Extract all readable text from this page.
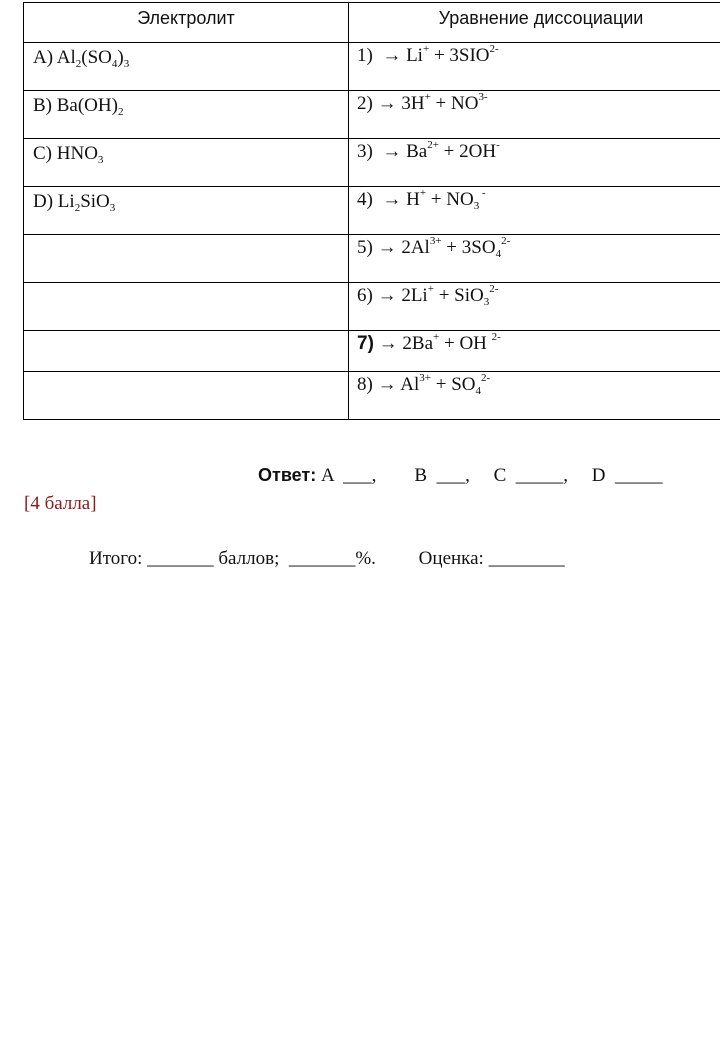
Электролит	Уравнение диссоциации

A) $Al_2(SO_4)_3$	$1) \to Li^+ + 3SIO^{2-}$

B) $Ba(OH)_2$	$2) \to 3H^+ + NO^{3-}$

C) $HNO_3$	$3) \to Ba^{2+} + 2OH^-$

D) $Li_2SiO_3$	$4) \to H^+ + NO_3$ -

	$5) \to 2Al^{3+} + 3SO_4^{2-}$

	6) → 2Li+ + SiO$_3^{2-}$

	7) → 2Ba+ + OH $^{2-}$

	$8) \to Al^{3+} + SO_4^{2-}$
Ответ: A  ___,        B  ___,     C  _____,     D  _____
[4 балла]
Итого: _______ баллов;  _______%.         Оценка: ________
